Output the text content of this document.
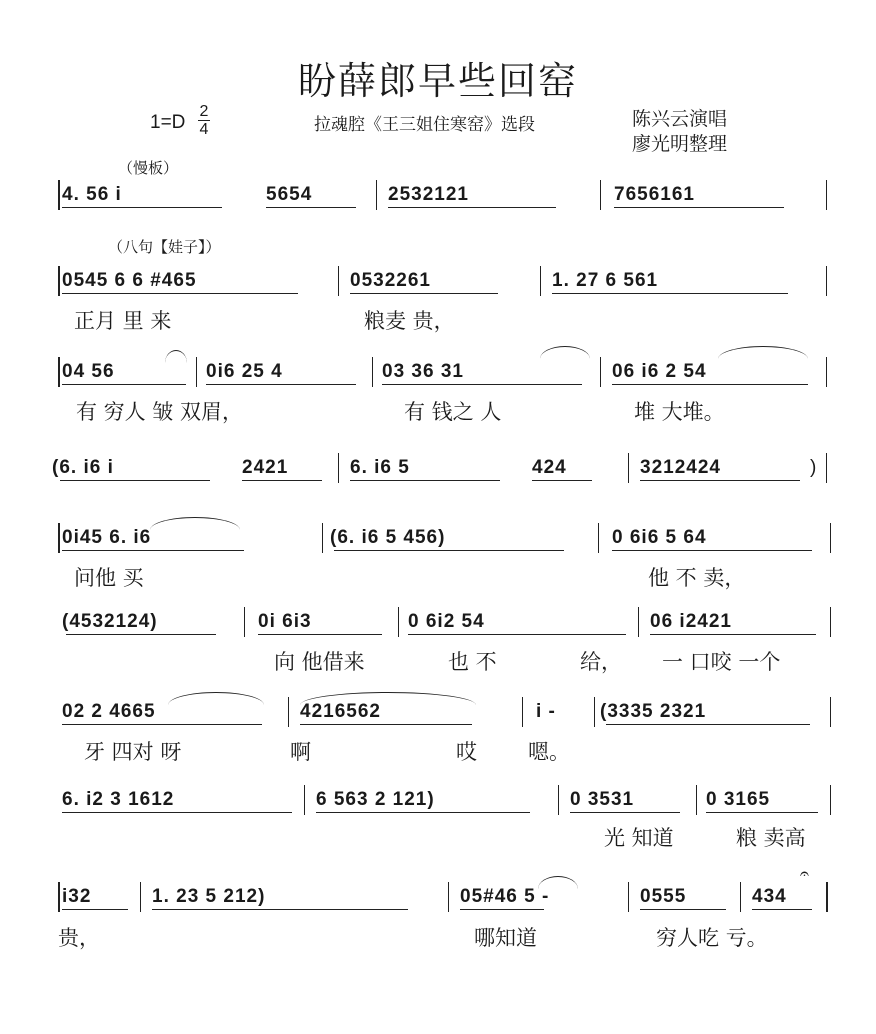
盼薛郎早些回窑
1=D
2
4	拉魂腔《王三姐住寒窑》选段	陈兴云演唱
廖光明整理
（慢板）
（八句【娃子】）
4. 56 i	5654	2532121	7656161
0545 6 6 #465	0532261	1. 27 6 561
正月 里 来	粮麦 贵，
04 56	0i6 25 4	03 36 31	06 i6 2 54
有 穷人 皱 双眉，	有 钱之 人	堆 大堆。
(6. i6 i	2421	6. i6 5	424	3212424	)
0i45 6. i6	(6. i6 5 456)	0 6i6 5 64
问他 买	他 不 卖，
(4532124)	0i 6i3	0 6i2 54	06 i2421
向 他借来	也 不	给， 一 口咬 一个
02 2 4665	4216562	i - (3335 2321
牙 四对 呀	啊	哎 嗯。
6. i2 3 1612	6 563 2 121)	0 3531	0 3165
光 知道	粮 卖高
i32	1. 23 5 212)	05#46 5 -	0555	434
贵，	哪知道	穷人吃 亏。
𝄐
